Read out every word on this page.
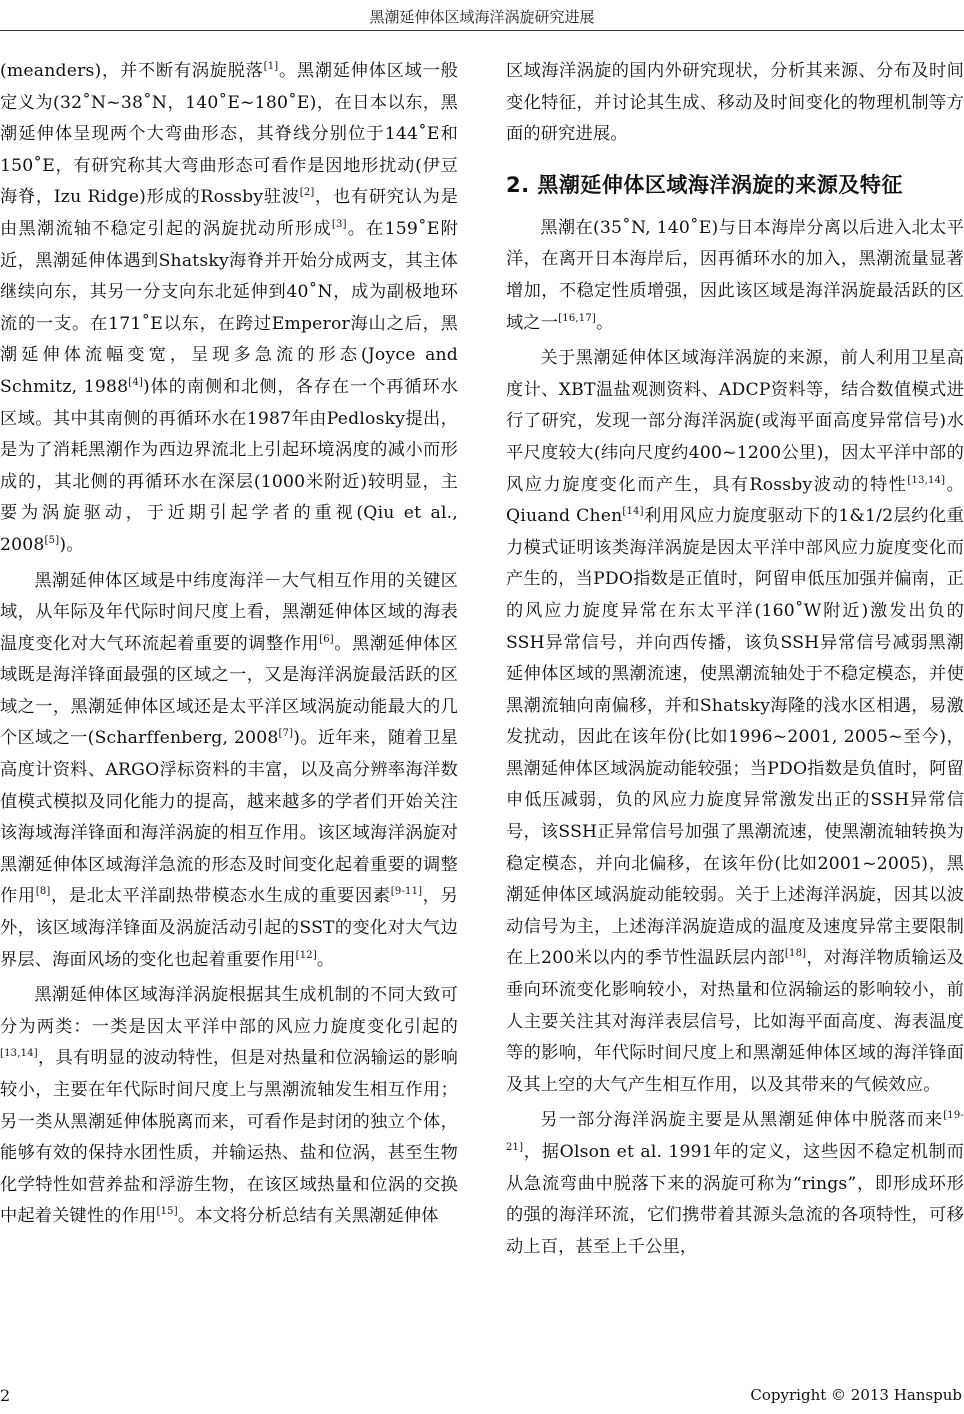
黑潮延伸体区域海洋涡旋研究进展

(meanders)，并不断有涡旋脱落[1]。黑潮延伸体区域一般定义为(32˚N~38˚N，140˚E~180˚E)，在日本以东，黑潮延伸体呈现两个大弯曲形态，其脊线分别位于144˚E和150˚E，有研究称其大弯曲形态可看作是因地形扰动(伊豆海脊，Izu Ridge)形成的Rossby驻波[2]，也有研究认为是由黑潮流轴不稳定引起的涡旋扰动所形成[3]。在159˚E附近，黑潮延伸体遇到Shatsky海脊并开始分成两支，其主体继续向东，其另一分支向东北延伸到40˚N，成为副极地环流的一支。在171˚E以东，在跨过Emperor海山之后，黑潮延伸体流幅变宽，呈现多急流的形态(Joyce and Schmitz, 1988[4])体的南侧和北侧，各存在一个再循环水区域。其中其南侧的再循环水在1987年由Pedlosky提出，是为了消耗黑潮作为西边界流北上引起环境涡度的减小而形成的，其北侧的再循环水在深层(1000米附近)较明显，主要为涡旋驱动，于近期引起学者的重视(Qiu et al., 2008[5])。

黑潮延伸体区域是中纬度海洋－大气相互作用的关键区域，从年际及年代际时间尺度上看，黑潮延伸体区域的海表温度变化对大气环流起着重要的调整作用[6]。黑潮延伸体区域既是海洋锋面最强的区域之一，又是海洋涡旋最活跃的区域之一，黑潮延伸体区域还是太平洋区域涡旋动能最大的几个区域之一(Scharffenberg, 2008[7])。近年来，随着卫星高度计资料、ARGO浮标资料的丰富，以及高分辨率海洋数值模式模拟及同化能力的提高，越来越多的学者们开始关注该海域海洋锋面和海洋涡旋的相互作用。该区域海洋涡旋对黑潮延伸体区域海洋急流的形态及时间变化起着重要的调整作用[8]，是北太平洋副热带模态水生成的重要因素[9-11]，另外，该区域海洋锋面及涡旋活动引起的SST的变化对大气边界层、海面风场的变化也起着重要作用[12]。

黑潮延伸体区域海洋涡旋根据其生成机制的不同大致可分为两类：一类是因太平洋中部的风应力旋度变化引起的[13,14]，具有明显的波动特性，但是对热量和位涡输运的影响较小，主要在年代际时间尺度上与黑潮流轴发生相互作用；另一类从黑潮延伸体脱离而来，可看作是封闭的独立个体，能够有效的保持水团性质，并输运热、盐和位涡，甚至生物化学特性如营养盐和浮游生物，在该区域热量和位涡的交换中起着关键性的作用[15]。本文将分析总结有关黑潮延伸体

区域海洋涡旋的国内外研究现状，分析其来源、分布及时间变化特征，并讨论其生成、移动及时间变化的物理机制等方面的研究进展。

2. 黑潮延伸体区域海洋涡旋的来源及特征

黑潮在(35˚N, 140˚E)与日本海岸分离以后进入北太平洋，在离开日本海岸后，因再循环水的加入，黑潮流量显著增加，不稳定性质增强，因此该区域是海洋涡旋最活跃的区域之一[16,17]。

关于黑潮延伸体区域海洋涡旋的来源，前人利用卫星高度计、XBT温盐观测资料、ADCP资料等，结合数值模式进行了研究，发现一部分海洋涡旋(或海平面高度异常信号)水平尺度较大(纬向尺度约400~1200公里)，因太平洋中部的风应力旋度变化而产生，具有Rossby波动的特性[13,14]。Qiuand Chen[14]利用风应力旋度驱动下的1&1/2层约化重力模式证明该类海洋涡旋是因太平洋中部风应力旋度变化而产生的，当PDO指数是正值时，阿留申低压加强并偏南，正的风应力旋度异常在东太平洋(160˚W附近)激发出负的SSH异常信号，并向西传播，该负SSH异常信号减弱黑潮延伸体区域的黑潮流速，使黑潮流轴处于不稳定模态，并使黑潮流轴向南偏移，并和Shatsky海隆的浅水区相遇，易激发扰动，因此在该年份(比如1996~2001, 2005~至今)，黑潮延伸体区域涡旋动能较强；当PDO指数是负值时，阿留申低压减弱，负的风应力旋度异常激发出正的SSH异常信号，该SSH正异常信号加强了黑潮流速，使黑潮流轴转换为稳定模态，并向北偏移，在该年份(比如2001~2005)，黑潮延伸体区域涡旋动能较弱。关于上述海洋涡旋，因其以波动信号为主，上述海洋涡旋造成的温度及速度异常主要限制在上200米以内的季节性温跃层内部[18]，对海洋物质输运及垂向环流变化影响较小，对热量和位涡输运的影响较小，前人主要关注其对海洋表层信号，比如海平面高度、海表温度等的影响，年代际时间尺度上和黑潮延伸体区域的海洋锋面及其上空的大气产生相互作用，以及其带来的气候效应。

另一部分海洋涡旋主要是从黑潮延伸体中脱落而来[19-21]，据Olson et al. 1991年的定义，这些因不稳定机制而从急流弯曲中脱落下来的涡旋可称为“rings”，即形成环形的强的海洋环流，它们携带着其源头急流的各项特性，可移动上百，甚至上千公里，

2	Copyright © 2013 Hanspub
